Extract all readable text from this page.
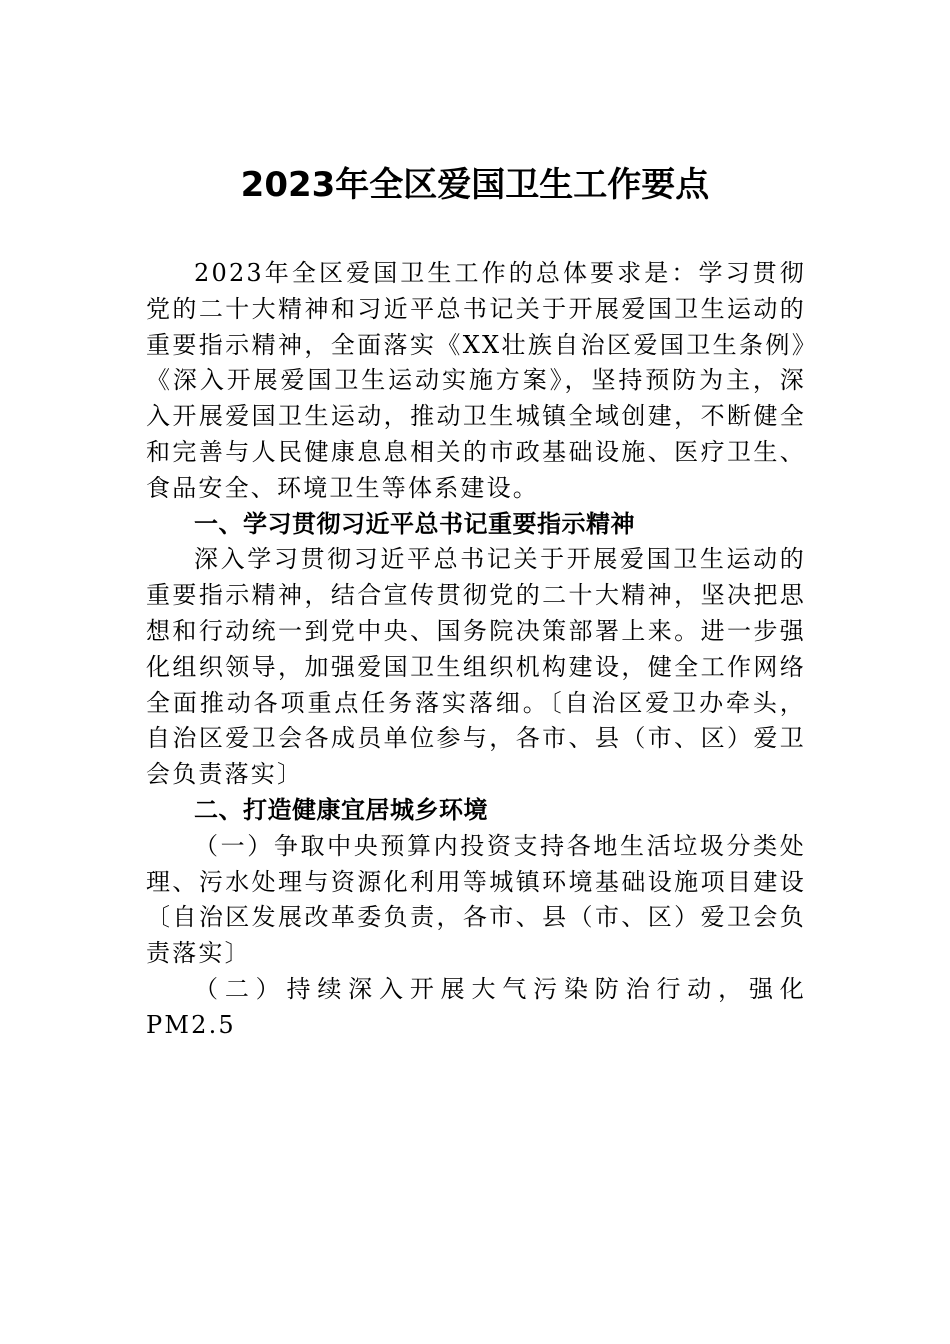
2023年全区爱国卫生工作要点

2023年全区爱国卫生工作的总体要求是：学习贯彻党的二十大精神和习近平总书记关于开展爱国卫生运动的重要指示精神，全面落实《XX壮族自治区爱国卫生条例》《深入开展爱国卫生运动实施方案》，坚持预防为主，深入开展爱国卫生运动，推动卫生城镇全域创建，不断健全和完善与人民健康息息相关的市政基础设施、医疗卫生、食品安全、环境卫生等体系建设。

一、学习贯彻习近平总书记重要指示精神

深入学习贯彻习近平总书记关于开展爱国卫生运动的重要指示精神，结合宣传贯彻党的二十大精神，坚决把思想和行动统一到党中央、国务院决策部署上来。进一步强化组织领导，加强爱国卫生组织机构建设，健全工作网络全面推动各项重点任务落实落细。〔自治区爱卫办牵头，自治区爱卫会各成员单位参与，各市、县（市、区）爱卫会负责落实〕

二、打造健康宜居城乡环境

（一）争取中央预算内投资支持各地生活垃圾分类处理、污水处理与资源化利用等城镇环境基础设施项目建设〔自治区发展改革委负责，各市、县（市、区）爱卫会负责落实〕

（二）持续深入开展大气污染防治行动，强化PM2.5
